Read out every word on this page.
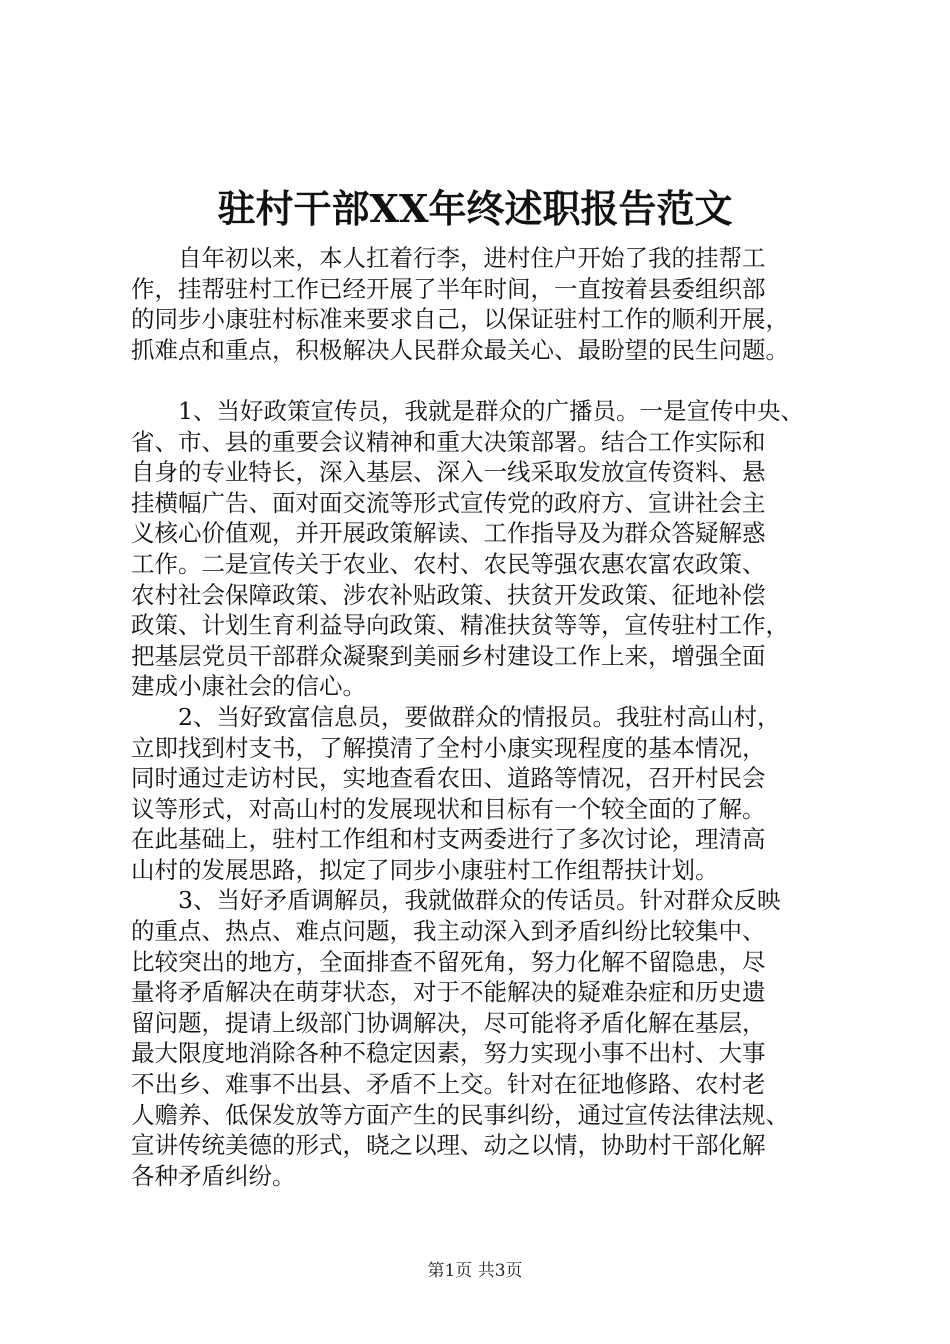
驻村干部XX年终述职报告范文
自年初以来，本人扛着行李，进村住户开始了我的挂帮工
作，挂帮驻村工作已经开展了半年时间，一直按着县委组织部
的同步小康驻村标准来要求自己，以保证驻村工作的顺利开展，
抓难点和重点，积极解决人民群众最关心、最盼望的民生问题。
1、当好政策宣传员，我就是群众的广播员。一是宣传中央、
省、市、县的重要会议精神和重大决策部署。结合工作实际和
自身的专业特长，深入基层、深入一线采取发放宣传资料、悬
挂横幅广告、面对面交流等形式宣传党的政府方、宣讲社会主
义核心价值观，并开展政策解读、工作指导及为群众答疑解惑
工作。二是宣传关于农业、农村、农民等强农惠农富农政策、
农村社会保障政策、涉农补贴政策、扶贫开发政策、征地补偿
政策、计划生育利益导向政策、精准扶贫等等，宣传驻村工作，
把基层党员干部群众凝聚到美丽乡村建设工作上来，增强全面
建成小康社会的信心。
2、当好致富信息员，要做群众的情报员。我驻村高山村，
立即找到村支书，了解摸清了全村小康实现程度的基本情况，
同时通过走访村民，实地查看农田、道路等情况，召开村民会
议等形式，对高山村的发展现状和目标有一个较全面的了解。
在此基础上，驻村工作组和村支两委进行了多次讨论，理清高
山村的发展思路，拟定了同步小康驻村工作组帮扶计划。
3、当好矛盾调解员，我就做群众的传话员。针对群众反映
的重点、热点、难点问题，我主动深入到矛盾纠纷比较集中、
比较突出的地方，全面排查不留死角，努力化解不留隐患，尽
量将矛盾解决在萌芽状态，对于不能解决的疑难杂症和历史遗
留问题，提请上级部门协调解决，尽可能将矛盾化解在基层，
最大限度地消除各种不稳定因素，努力实现小事不出村、大事
不出乡、难事不出县、矛盾不上交。针对在征地修路、农村老
人赡养、低保发放等方面产生的民事纠纷，通过宣传法律法规、
宣讲传统美德的形式，晓之以理、动之以情，协助村干部化解
各种矛盾纠纷。
第1页 共3页
